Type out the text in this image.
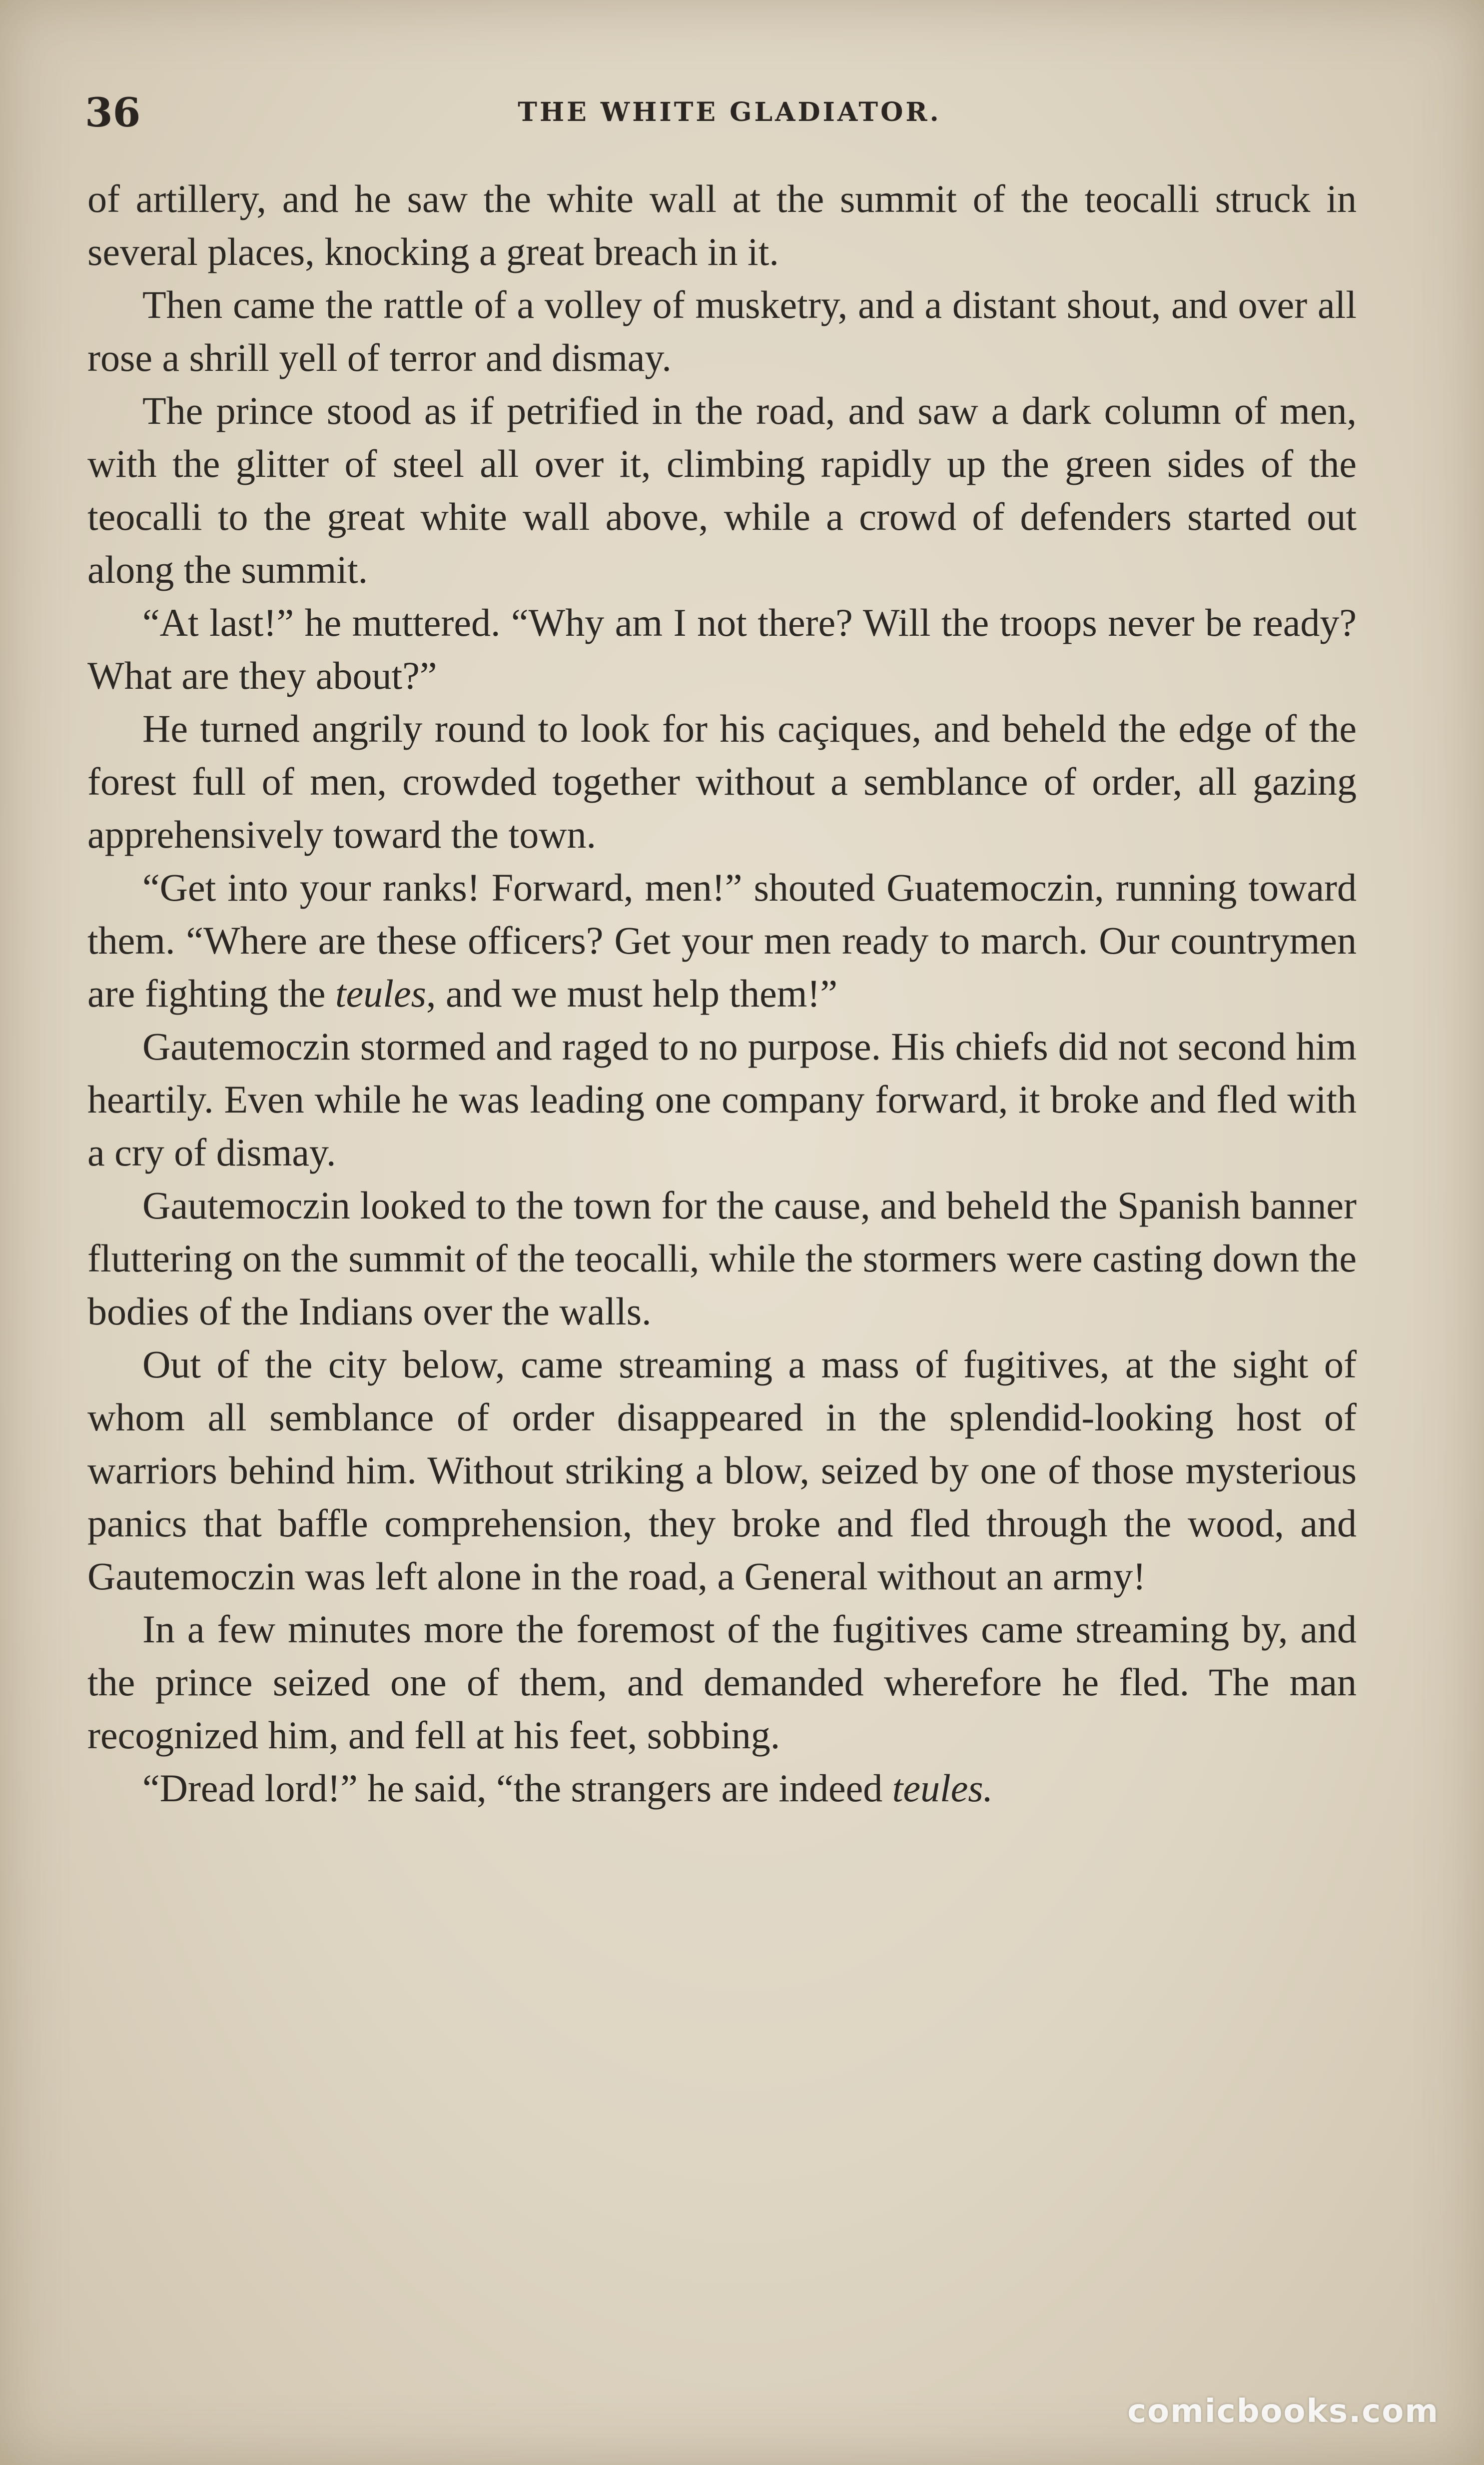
36	THE WHITE GLADIATOR.

of artillery, and he saw the white wall at the summit of the teocalli struck in several places, knocking a great breach in it.

Then came the rattle of a volley of musketry, and a distant shout, and over all rose a shrill yell of terror and dismay.

The prince stood as if petrified in the road, and saw a dark column of men, with the glitter of steel all over it, climbing rapidly up the green sides of the teocalli to the great white wall above, while a crowd of defenders started out along the summit.

“At last!” he muttered. “Why am I not there? Will the troops never be ready? What are they about?”

He turned angrily round to look for his caçiques, and beheld the edge of the forest full of men, crowded together without a semblance of order, all gazing apprehensively toward the town.

“Get into your ranks! Forward, men!” shouted Guatemoczin, running toward them. “Where are these officers? Get your men ready to march. Our countrymen are fighting the teules, and we must help them!”

Gautemoczin stormed and raged to no purpose. His chiefs did not second him heartily. Even while he was leading one company forward, it broke and fled with a cry of dismay.

Gautemoczin looked to the town for the cause, and beheld the Spanish banner fluttering on the summit of the teocalli, while the stormers were casting down the bodies of the Indians over the walls.

Out of the city below, came streaming a mass of fugitives, at the sight of whom all semblance of order disappeared in the splendid-looking host of warriors behind him. Without striking a blow, seized by one of those mysterious panics that baffle comprehension, they broke and fled through the wood, and Gautemoczin was left alone in the road, a General without an army!

In a few minutes more the foremost of the fugitives came streaming by, and the prince seized one of them, and demanded wherefore he fled. The man recognized him, and fell at his feet, sobbing.

“Dread lord!” he said, “the strangers are indeed teules.

comicbooks.com
